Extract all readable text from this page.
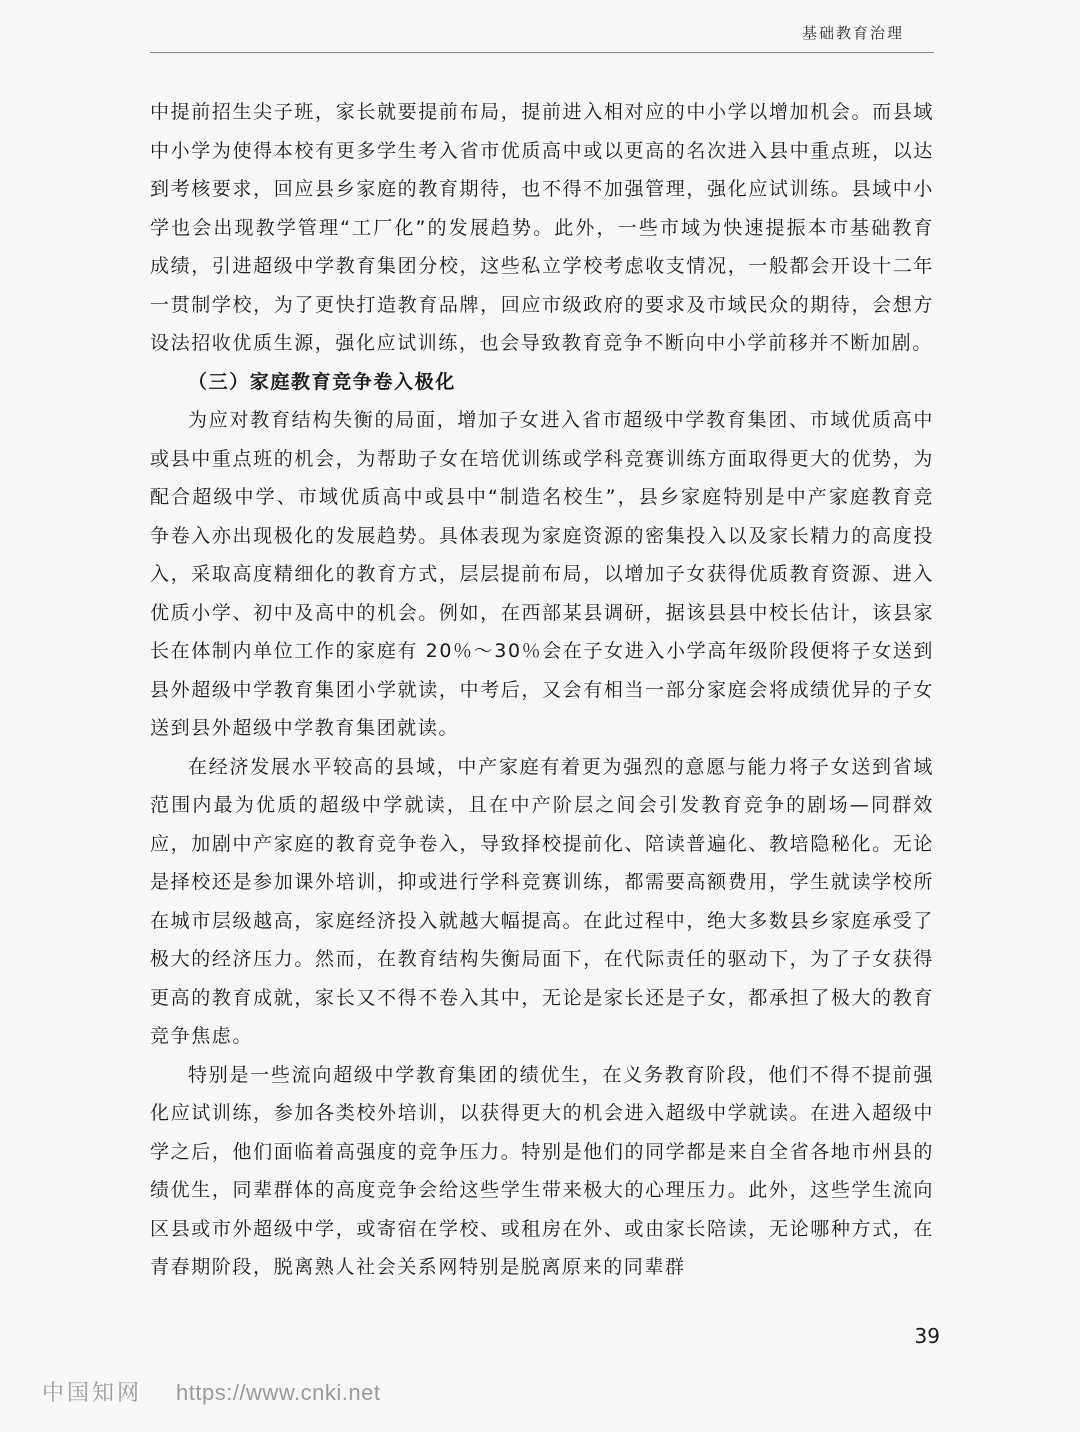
基础教育治理

中提前招生尖子班，家长就要提前布局，提前进入相对应的中小学以增加机会。而县域中小学为使得本校有更多学生考入省市优质高中或以更高的名次进入县中重点班，以达到考核要求，回应县乡家庭的教育期待，也不得不加强管理，强化应试训练。县域中小学也会出现教学管理“工厂化”的发展趋势。此外，一些市域为快速提振本市基础教育成绩，引进超级中学教育集团分校，这些私立学校考虑收支情况，一般都会开设十二年一贯制学校，为了更快打造教育品牌，回应市级政府的要求及市域民众的期待，会想方设法招收优质生源，强化应试训练，也会导致教育竞争不断向中小学前移并不断加剧。

（三）家庭教育竞争卷入极化

为应对教育结构失衡的局面，增加子女进入省市超级中学教育集团、市域优质高中或县中重点班的机会，为帮助子女在培优训练或学科竞赛训练方面取得更大的优势，为配合超级中学、市域优质高中或县中“制造名校生”，县乡家庭特别是中产家庭教育竞争卷入亦出现极化的发展趋势。具体表现为家庭资源的密集投入以及家长精力的高度投入，采取高度精细化的教育方式，层层提前布局，以增加子女获得优质教育资源、进入优质小学、初中及高中的机会。例如，在西部某县调研，据该县县中校长估计，该县家长在体制内单位工作的家庭有 20％～30％会在子女进入小学高年级阶段便将子女送到县外超级中学教育集团小学就读，中考后，又会有相当一部分家庭会将成绩优异的子女送到县外超级中学教育集团就读。

在经济发展水平较高的县域，中产家庭有着更为强烈的意愿与能力将子女送到省域范围内最为优质的超级中学就读，且在中产阶层之间会引发教育竞争的剧场—同群效应，加剧中产家庭的教育竞争卷入，导致择校提前化、陪读普遍化、教培隐秘化。无论是择校还是参加课外培训，抑或进行学科竞赛训练，都需要高额费用，学生就读学校所在城市层级越高，家庭经济投入就越大幅提高。在此过程中，绝大多数县乡家庭承受了极大的经济压力。然而，在教育结构失衡局面下，在代际责任的驱动下，为了子女获得更高的教育成就，家长又不得不卷入其中，无论是家长还是子女，都承担了极大的教育竞争焦虑。

特别是一些流向超级中学教育集团的绩优生，在义务教育阶段，他们不得不提前强化应试训练，参加各类校外培训，以获得更大的机会进入超级中学就读。在进入超级中学之后，他们面临着高强度的竞争压力。特别是他们的同学都是来自全省各地市州县的绩优生，同辈群体的高度竞争会给这些学生带来极大的心理压力。此外，这些学生流向区县或市外超级中学，或寄宿在学校、或租房在外、或由家长陪读，无论哪种方式，在青春期阶段，脱离熟人社会关系网特别是脱离原来的同辈群

39
中国知网 https://www.cnki.net
